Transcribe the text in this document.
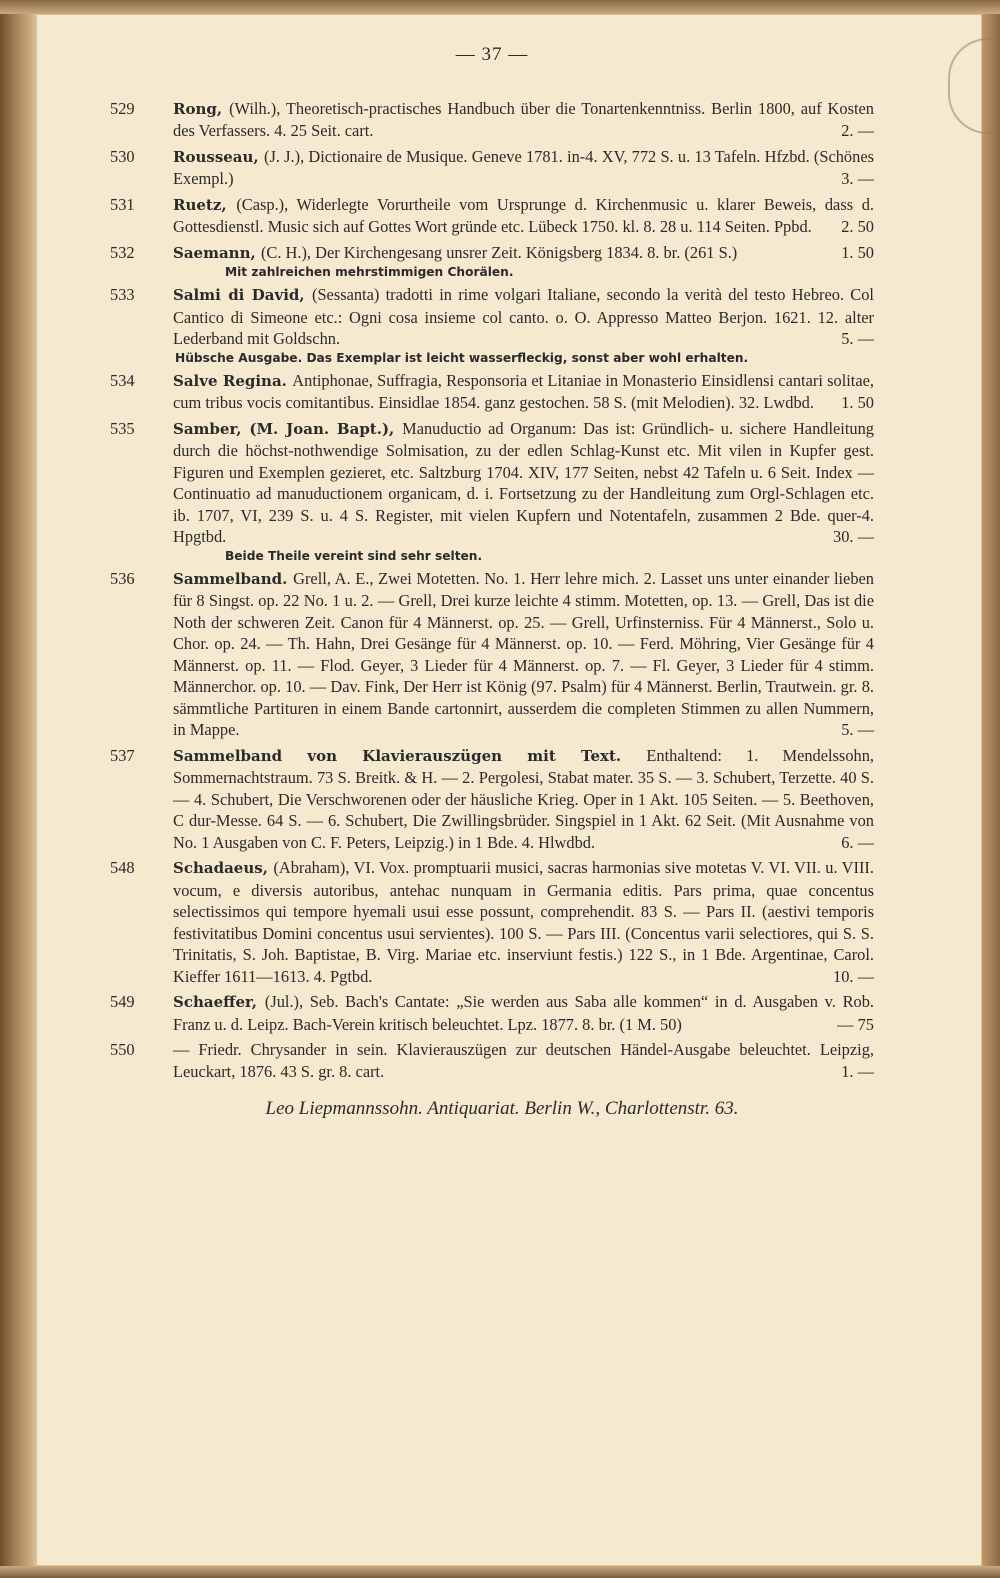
— 37 —
529	Rong, (Wilh.), Theoretisch-practisches Handbuch über die Tonartenkenntniss. Berlin 1800, auf Kosten des Verfassers. 4. 25 Seit. cart.	2. —
530	Rousseau, (J. J.), Dictionaire de Musique. Geneve 1781. in-4. XV, 772 S. u. 13 Tafeln. Hfzbd. (Schönes Exempl.)	3. —
531	Ruetz, (Casp.), Widerlegte Vorurtheile vom Ursprunge d. Kirchenmusic u. klarer Beweis, dass d. Gottesdienstl. Music sich auf Gottes Wort gründe etc. Lübeck 1750. kl. 8. 28 u. 114 Seiten. Ppbd. 2. 50
532	Saemann, (C. H.), Der Kirchengesang unsrer Zeit. Königsberg 1834. 8. br. (261 S.)	1. 50
Mit zahlreichen mehrstimmigen Chorälen.
533	Salmi di David, (Sessanta) tradotti in rime volgari Italiane, secondo la verità del testo Hebreo. Col Cantico di Simeone etc.: Ogni cosa insieme col canto. o. O. Appresso Matteo Berjon. 1621. 12. alter Lederband mit Goldschn.	5. —
Hübsche Ausgabe. Das Exemplar ist leicht wasserfleckig, sonst aber wohl erhalten.
534	Salve Regina. Antiphonae, Suffragia, Responsoria et Litaniae in Monasterio Einsidlensi cantari solitae, cum tribus vocis comitantibus. Einsidlae 1854. ganz gestochen. 58 S. (mit Melodien). 32. Lwdbd. 1. 50
535	Samber, (M. Joan. Bapt.), Manuductio ad Organum: Das ist: Gründlich- u. sichere Handleitung durch die höchst-nothwendige Solmisation, zu der edlen Schlag-Kunst etc. Mit vilen in Kupfer gest. Figuren und Exemplen gezieret, etc. Saltzburg 1704. XIV, 177 Seiten, nebst 42 Tafeln u. 6 Seit. Index — Continuatio ad manuductionem organicam, d. i. Fortsetzung zu der Handleitung zum Orgl-Schlagen etc. ib. 1707, VI, 239 S. u. 4 S. Register, mit vielen Kupfern und Notentafeln, zusammen 2 Bde. quer-4. Hpgtbd.	30. —
Beide Theile vereint sind sehr selten.
536	Sammelband. Grell, A. E., Zwei Motetten. No. 1. Herr lehre mich. 2. Lasset uns unter einander lieben für 8 Singst. op. 22 No. 1 u. 2. — Grell, Drei kurze leichte 4 stimm. Motetten, op. 13. — Grell, Das ist die Noth der schweren Zeit. Canon für 4 Männerst. op. 25. — Grell, Urfinsterniss. Für 4 Männerst., Solo u. Chor. op. 24. — Th. Hahn, Drei Gesänge für 4 Männerst. op. 10. — Ferd. Möhring, Vier Gesänge für 4 Männerst. op. 11. — Flod. Geyer, 3 Lieder für 4 Männerst. op. 7. — Fl. Geyer, 3 Lieder für 4 stimm. Männerchor. op. 10. — Dav. Fink, Der Herr ist König (97. Psalm) für 4 Männerst. Berlin, Trautwein. gr. 8. sämmtliche Partituren in einem Bande cartonnirt, ausserdem die completen Stimmen zu allen Nummern, in Mappe.	5. —
537	Sammelband von Klavierauszügen mit Text. Enthaltend: 1. Mendelssohn, Sommernachtstraum. 73 S. Breitk. & H. — 2. Pergolesi, Stabat mater. 35 S. — 3. Schubert, Terzette. 40 S. — 4. Schubert, Die Verschworenen oder der häusliche Krieg. Oper in 1 Akt. 105 Seiten. — 5. Beethoven, C dur-Messe. 64 S. — 6. Schubert, Die Zwillingsbrüder. Singspiel in 1 Akt. 62 Seit. (Mit Ausnahme von No. 1 Ausgaben von C. F. Peters, Leipzig.) in 1 Bde. 4. Hlwdbd.	6. —
548	Schadaeus, (Abraham), VI. Vox. promptuarii musici, sacras harmonias sive motetas V. VI. VII. u. VIII. vocum, e diversis autoribus, antehac nunquam in Germania editis. Pars prima, quae concentus selectissimos qui tempore hyemali usui esse possunt, comprehendit. 83 S. — Pars II. (aestivi temporis festivitatibus Domini concentus usui servientes). 100 S. — Pars III. (Concentus varii selectiores, qui S. S. Trinitatis, S. Joh. Baptistae, B. Virg. Mariae etc. inserviunt festis.) 122 S., in 1 Bde. Argentinae, Carol. Kieffer 1611—1613. 4. Pgtbd.	10. —
549	Schaeffer, (Jul.), Seb. Bach's Cantate: „Sie werden aus Saba alle kommen“ in d. Ausgaben v. Rob. Franz u. d. Leipz. Bach-Verein kritisch beleuchtet. Lpz. 1877. 8. br. (1 M. 50)	— 75
550	— Friedr. Chrysander in sein. Klavierauszügen zur deutschen Händel-Ausgabe beleuchtet. Leipzig, Leuckart, 1876. 43 S. gr. 8. cart.	1. —
Leo Liepmannssohn. Antiquariat. Berlin W., Charlottenstr. 63.
